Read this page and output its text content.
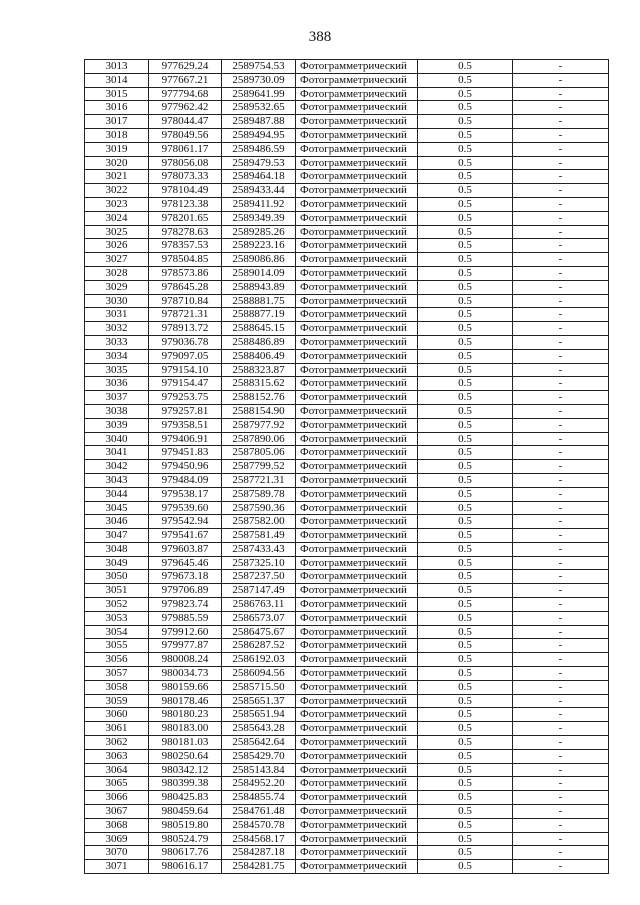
388
3013	977629.24	2589754.53	Фотограмметрический	0.5	-
3014	977667.21	2589730.09	Фотограмметрический	0.5	-
3015	977794.68	2589641.99	Фотограмметрический	0.5	-
3016	977962.42	2589532.65	Фотограмметрический	0.5	-
3017	978044.47	2589487.88	Фотограмметрический	0.5	-
3018	978049.56	2589494.95	Фотограмметрический	0.5	-
3019	978061.17	2589486.59	Фотограмметрический	0.5	-
3020	978056.08	2589479.53	Фотограмметрический	0.5	-
3021	978073.33	2589464.18	Фотограмметрический	0.5	-
3022	978104.49	2589433.44	Фотограмметрический	0.5	-
3023	978123.38	2589411.92	Фотограмметрический	0.5	-
3024	978201.65	2589349.39	Фотограмметрический	0.5	-
3025	978278.63	2589285.26	Фотограмметрический	0.5	-
3026	978357.53	2589223.16	Фотограмметрический	0.5	-
3027	978504.85	2589086.86	Фотограмметрический	0.5	-
3028	978573.86	2589014.09	Фотограмметрический	0.5	-
3029	978645.28	2588943.89	Фотограмметрический	0.5	-
3030	978710.84	2588881.75	Фотограмметрический	0.5	-
3031	978721.31	2588877.19	Фотограмметрический	0.5	-
3032	978913.72	2588645.15	Фотограмметрический	0.5	-
3033	979036.78	2588486.89	Фотограмметрический	0.5	-
3034	979097.05	2588406.49	Фотограмметрический	0.5	-
3035	979154.10	2588323.87	Фотограмметрический	0.5	-
3036	979154.47	2588315.62	Фотограмметрический	0.5	-
3037	979253.75	2588152.76	Фотограмметрический	0.5	-
3038	979257.81	2588154.90	Фотограмметрический	0.5	-
3039	979358.51	2587977.92	Фотограмметрический	0.5	-
3040	979406.91	2587890.06	Фотограмметрический	0.5	-
3041	979451.83	2587805.06	Фотограмметрический	0.5	-
3042	979450.96	2587799.52	Фотограмметрический	0.5	-
3043	979484.09	2587721.31	Фотограмметрический	0.5	-
3044	979538.17	2587589.78	Фотограмметрический	0.5	-
3045	979539.60	2587590.36	Фотограмметрический	0.5	-
3046	979542.94	2587582.00	Фотограмметрический	0.5	-
3047	979541.67	2587581.49	Фотограмметрический	0.5	-
3048	979603.87	2587433.43	Фотограмметрический	0.5	-
3049	979645.46	2587325.10	Фотограмметрический	0.5	-
3050	979673.18	2587237.50	Фотограмметрический	0.5	-
3051	979706.89	2587147.49	Фотограмметрический	0.5	-
3052	979823.74	2586763.11	Фотограмметрический	0.5	-
3053	979885.59	2586573.07	Фотограмметрический	0.5	-
3054	979912.60	2586475.67	Фотограмметрический	0.5	-
3055	979977.87	2586287.52	Фотограмметрический	0.5	-
3056	980008.24	2586192.03	Фотограмметрический	0.5	-
3057	980034.73	2586094.56	Фотограмметрический	0.5	-
3058	980159.66	2585715.50	Фотограмметрический	0.5	-
3059	980178.46	2585651.37	Фотограмметрический	0.5	-
3060	980180.23	2585651.94	Фотограмметрический	0.5	-
3061	980183.00	2585643.28	Фотограмметрический	0.5	-
3062	980181.03	2585642.64	Фотограмметрический	0.5	-
3063	980250.64	2585429.70	Фотограмметрический	0.5	-
3064	980342.12	2585143.84	Фотограмметрический	0.5	-
3065	980399.38	2584952.20	Фотограмметрический	0.5	-
3066	980425.83	2584855.74	Фотограмметрический	0.5	-
3067	980459.64	2584761.48	Фотограмметрический	0.5	-
3068	980519.80	2584570.78	Фотограмметрический	0.5	-
3069	980524.79	2584568.17	Фотограмметрический	0.5	-
3070	980617.76	2584287.18	Фотограмметрический	0.5	-
3071	980616.17	2584281.75	Фотограмметрический	0.5	-
